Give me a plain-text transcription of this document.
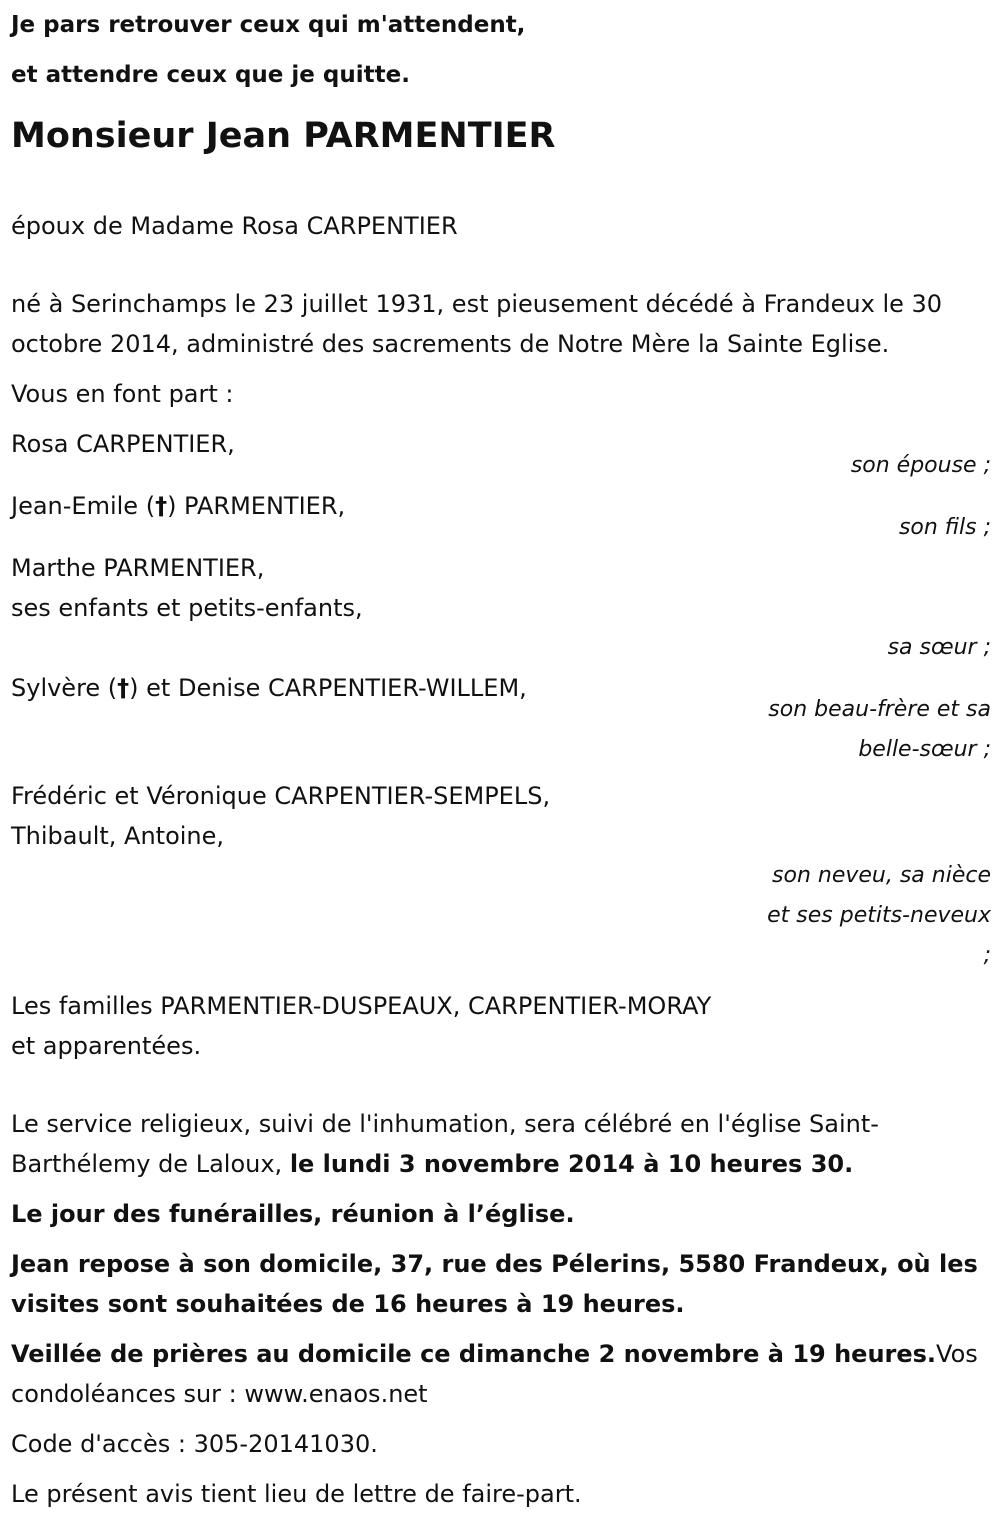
Je pars retrouver ceux qui m'attendent,
et attendre ceux que je quitte.
Monsieur Jean PARMENTIER
époux de Madame Rosa CARPENTIER
né à Serinchamps le 23 juillet 1931, est pieusement décédé à Frandeux le 30 octobre 2014, administré des sacrements de Notre Mère la Sainte Eglise.
Vous en font part :
Rosa CARPENTIER,
son épouse ;
Jean-Emile (†) PARMENTIER,
son fils ;
Marthe PARMENTIER,
ses enfants et petits-enfants,
sa sœur ;
Sylvère (†) et Denise CARPENTIER-WILLEM,
son beau-frère et sa
belle-sœur ;
Frédéric et Véronique CARPENTIER-SEMPELS,
Thibault, Antoine,
son neveu, sa nièce
et ses petits-neveux
;
Les familles PARMENTIER-DUSPEAUX, CARPENTIER-MORAY
et apparentées.
Le service religieux, suivi de l'inhumation, sera célébré en l'église Saint-Barthélemy de Laloux, le lundi 3 novembre 2014 à 10 heures 30.
Le jour des funérailles, réunion à l’église.
Jean repose à son domicile, 37, rue des Pélerins, 5580 Frandeux, où les visites sont souhaitées de 16 heures à 19 heures.
Veillée de prières au domicile ce dimanche 2 novembre à 19 heures.Vos condoléances sur : www.enaos.net
Code d'accès : 305-20141030.
Le présent avis tient lieu de lettre de faire-part.
